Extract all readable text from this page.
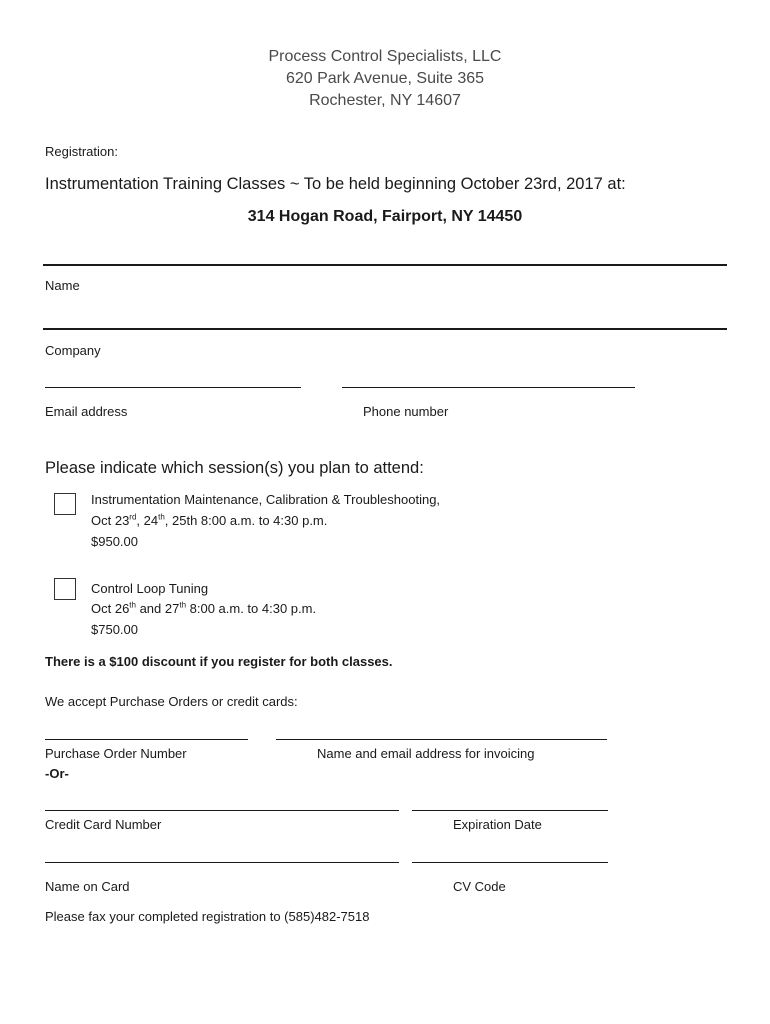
Process Control Specialists, LLC
620 Park Avenue, Suite 365
Rochester, NY 14607
Registration:
Instrumentation Training Classes ~ To be held beginning October 23rd, 2017 at:
314 Hogan Road, Fairport, NY 14450
Name
Company
Email address	Phone number
Please indicate which session(s) you plan to attend:
Instrumentation Maintenance, Calibration & Troubleshooting,
Oct 23rd, 24th, 25th 8:00 a.m. to 4:30 p.m.
$950.00
Control Loop Tuning
Oct 26th and 27th 8:00 a.m. to 4:30 p.m.
$750.00
There is a $100 discount if you register for both classes.
We accept Purchase Orders or credit cards:
Purchase Order Number	Name and email address for invoicing
-Or-
Credit Card Number	Expiration Date
Name on Card	CV Code
Please fax your completed registration to (585)482-7518
